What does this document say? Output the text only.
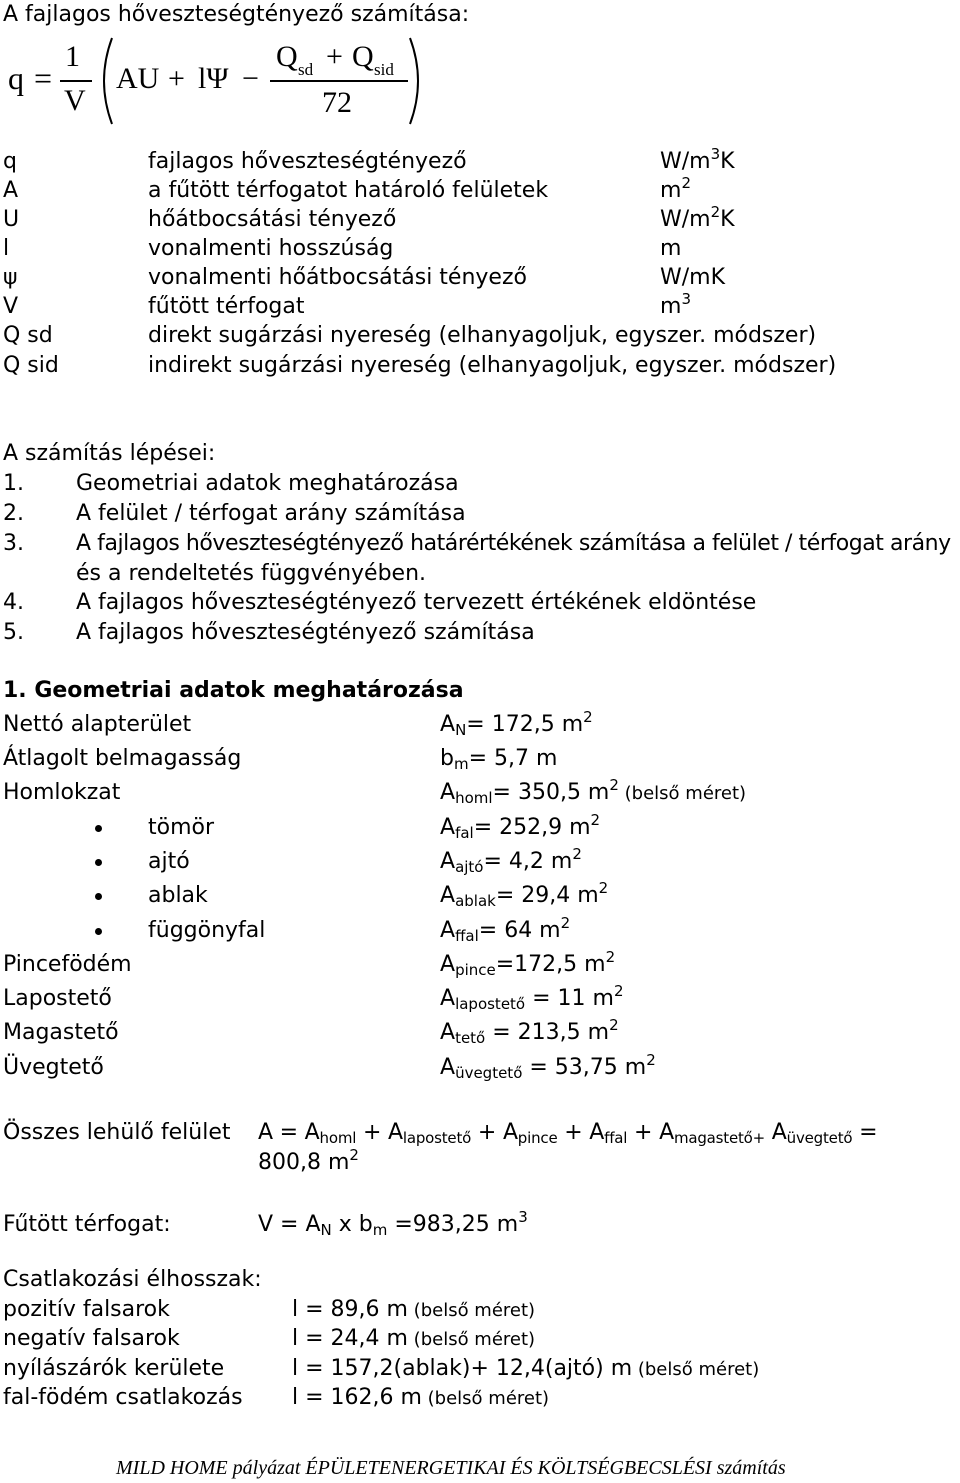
A fajlagos hőveszteségtényező számítása:
q =
1
V
AU + lΨ −
Q sd + Q sid
72
q	fajlagos hőveszteségtényező	$W/m^3K$
A	a fűtött térfogatot határoló felületek	$m^2$
U	hőátbocsátási tényező	$W/m^2K$
l	vonalmenti hosszúság	m
ψ	vonalmenti hőátbocsátási tényező	W/mK
V	fűtött térfogat	$m^3$
Q sd	direkt sugárzási nyereség (elhanyagoljuk, egyszer. módszer)
Q sid	indirekt sugárzási nyereség (elhanyagoljuk, egyszer. módszer)
A számítás lépései:
1. Geometriai adatok meghatározása
2. A felület / térfogat arány számítása
3. A fajlagos hőveszteségtényező határértékének számítása a felület / térfogat arány
és a rendeltetés függvényében.
4. A fajlagos hőveszteségtényező tervezett értékének eldöntése
5. A fajlagos hőveszteségtényező számítása
1. Geometriai adatok meghatározása
Nettó alapterület	$A_N= 172,5$ $m^2$
Átlagolt belmagasság	$b_m= 5,7$ m
Homlokzat	$A_{homl}= 350,5$ $m^2$ (belső méret)
tömör	$A_{fal}= 252,9$ $m^2$
ajtó	$A_{ajtó}= 4,2$ $m^2$
ablak	$A_{ablak}= 29,4$ $m^2$
függönyfal	$A_{ffal}= 64$ $m^2$
Pincefödém	$A_{pince}=172,5$ $m^2$
Lapostető	$A_{lapostető} = 11$ $m^2$
Magastető	$A_{tető} = 213,5$ $m^2$
Üvegtető	$A_{üvegtető} = 53,75$ $m^2$
Összes lehülő felület $A = A_{homl} + A_{lapostető} + A_{pince} + A_{ffal} + A_{magastető+}$ $A_{üvegtető}$ =
800,8 $m^2$
Fűtött térfogat:	$V = A_N$ x $b_m =983,25$ $m^3$
Csatlakozási élhosszak:
pozitív falsarok	l = 89,6 m (belső méret)
negatív falsarok	l = 24,4 m (belső méret)
nyílászárók kerülete	l = 157,2(ablak)+ 12,4(ajtó) m (belső méret)
fal-födém csatlakozás l = 162,6 m (belső méret)
MILD HOME pályázat ÉPÜLETENERGETIKAI ÉS KÖLTSÉGBECSLÉSI számítás
